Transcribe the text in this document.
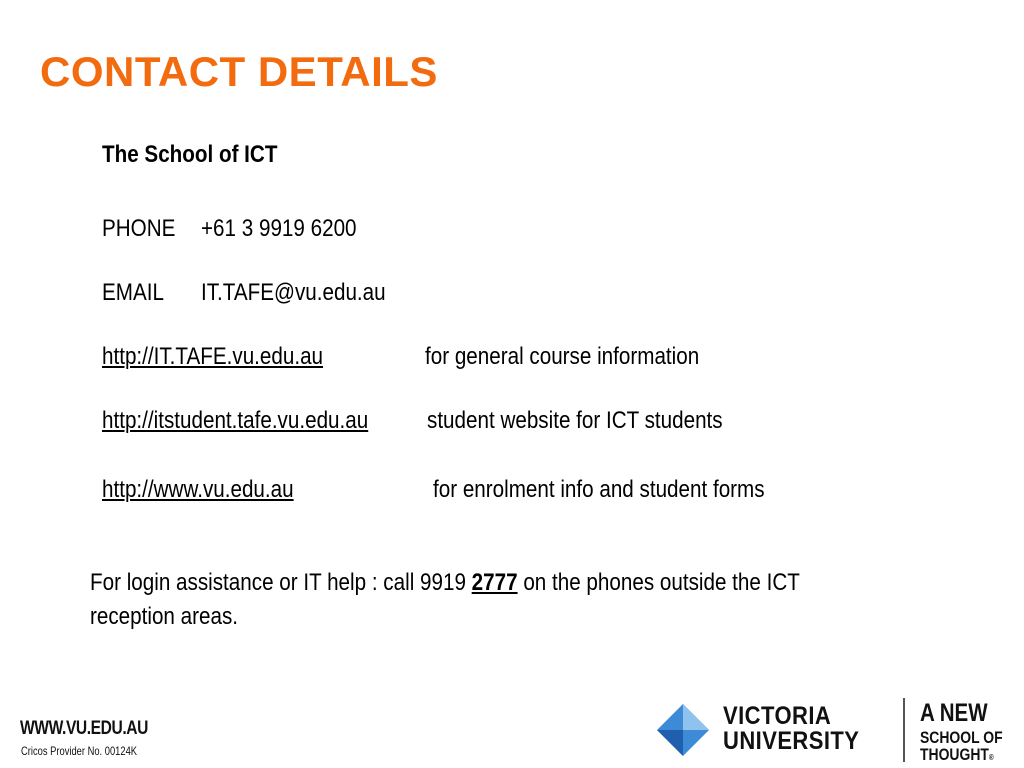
CONTACT DETAILS
The School of ICT
PHONE +61 3 9919 6200
EMAIL IT.TAFE@vu.edu.au
http://IT.TAFE.vu.edu.au	for general course information
http://itstudent.tafe.vu.edu.au student website for ICT students
http://www.vu.edu.au	for enrolment info and student forms
For login assistance or IT help : call 9919 2777 on the phones outside the ICT reception areas.
WWW.VU.EDU.AU
Cricos Provider No. 00124K
VICTORIA
UNIVERSITY
A NEW
SCHOOL OF
THOUGHT®
